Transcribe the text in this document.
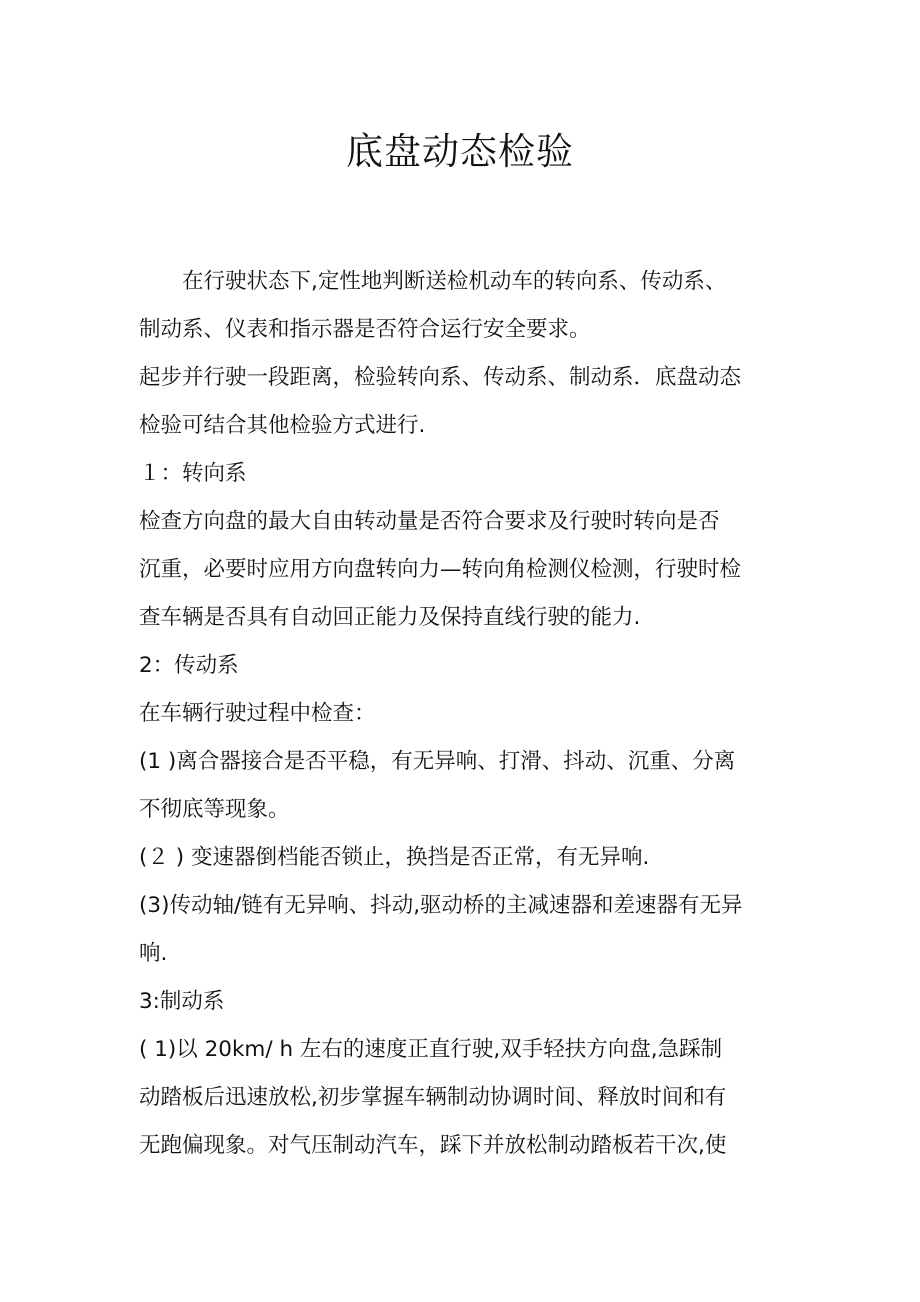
底盘动态检验
　　在行驶状态下,定性地判断送检机动车的转向系、传动系、
制动系、仪表和指示器是否符合运行安全要求。
起步并行驶一段距离，检验转向系、传动系、制动系．底盘动态
检验可结合其他检验方式进行.
１：转向系
检查方向盘的最大自由转动量是否符合要求及行驶时转向是否
沉重，必要时应用方向盘转向力—转向角检测仪检测，行驶时检
查车辆是否具有自动回正能力及保持直线行驶的能力.
2：传动系
在车辆行驶过程中检查：
(1 )离合器接合是否平稳，有无异响、打滑、抖动、沉重、分离
不彻底等现象。
(２ ) 变速器倒档能否锁止，换挡是否正常，有无异响.
(3)传动轴/链有无异响、抖动,驱动桥的主减速器和差速器有无异
响.
3:制动系
( 1)以 20km/ h 左右的速度正直行驶,双手轻扶方向盘,急踩制
动踏板后迅速放松,初步掌握车辆制动协调时间、释放时间和有
无跑偏现象。对气压制动汽车，踩下并放松制动踏板若干次,使
